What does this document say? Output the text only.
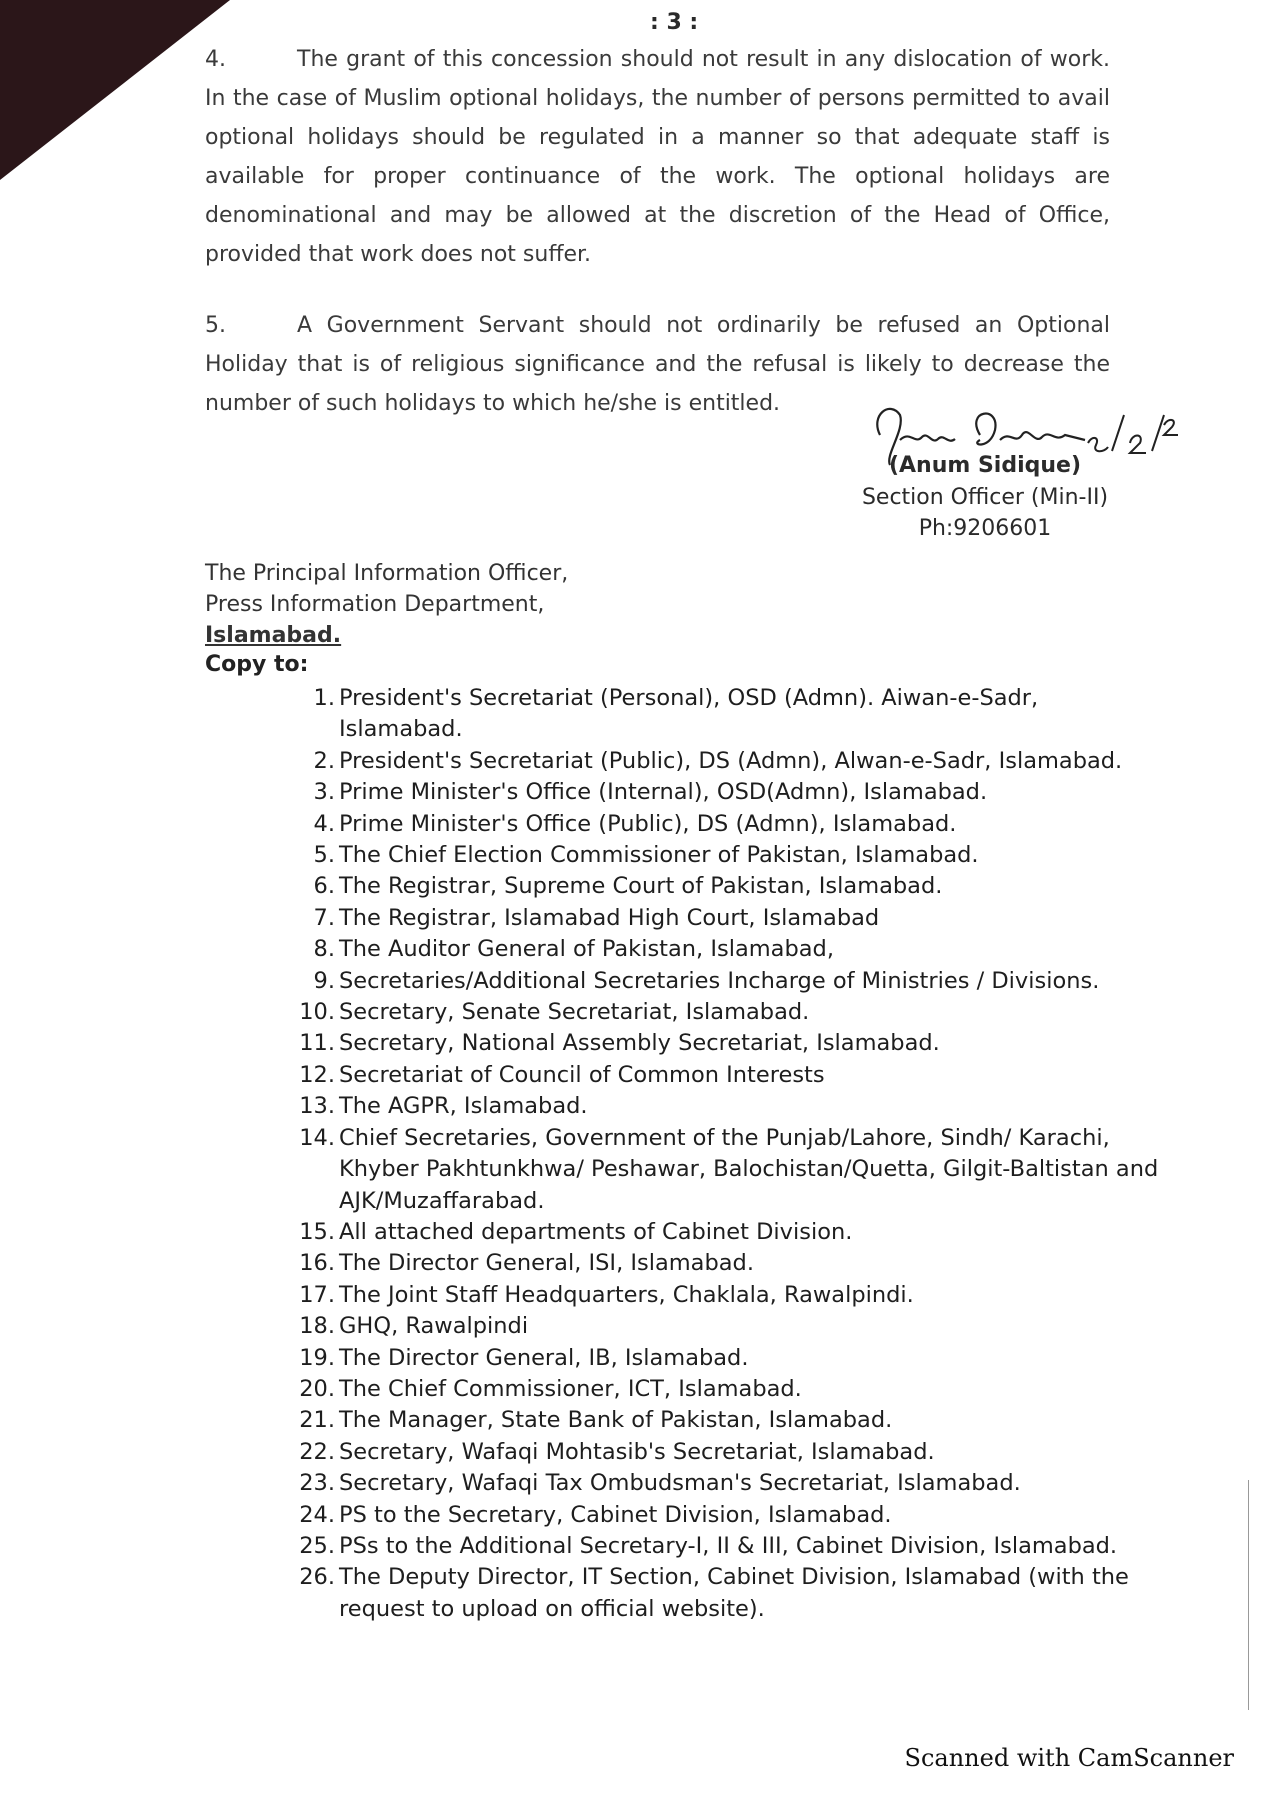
: 3 :

4.	The grant of this concession should not result in any dislocation of work. In the case of Muslim optional holidays, the number of persons permitted to avail optional holidays should be regulated in a manner so that adequate staff is available for proper continuance of the work. The optional holidays are denominational and may be allowed at the discretion of the Head of Office, provided that work does not suffer.

5.	A Government Servant should not ordinarily be refused an Optional Holiday that is of religious significance and the refusal is likely to decrease the number of such holidays to which he/she is entitled.

(Anum Sidique)
Section Officer (Min-II)
Ph:9206601
The Principal Information Officer,
Press Information Department,
Islamabad.
Copy to:
1. President's Secretariat (Personal), OSD (Admn). Aiwan-e-Sadr, Islamabad.
2. President's Secretariat (Public), DS (Admn), Alwan-e-Sadr, Islamabad.
3. Prime Minister's Office (Internal), OSD(Admn), Islamabad.
4. Prime Minister's Office (Public), DS (Admn), Islamabad.
5. The Chief Election Commissioner of Pakistan, Islamabad.
6. The Registrar, Supreme Court of Pakistan, Islamabad.
7. The Registrar, Islamabad High Court, Islamabad
8. The Auditor General of Pakistan, Islamabad,
9. Secretaries/Additional Secretaries Incharge of Ministries / Divisions.
10. Secretary, Senate Secretariat, Islamabad.
11. Secretary, National Assembly Secretariat, Islamabad.
12. Secretariat of Council of Common Interests
13. The AGPR, Islamabad.
14. Chief Secretaries, Government of the Punjab/Lahore, Sindh/ Karachi, Khyber Pakhtunkhwa/ Peshawar, Balochistan/Quetta, Gilgit-Baltistan and AJK/Muzaffarabad.
15. All attached departments of Cabinet Division.
16. The Director General, ISI, Islamabad.
17. The Joint Staff Headquarters, Chaklala, Rawalpindi.
18. GHQ, Rawalpindi
19. The Director General, IB, Islamabad.
20. The Chief Commissioner, ICT, Islamabad.
21. The Manager, State Bank of Pakistan, Islamabad.
22. Secretary, Wafaqi Mohtasib's Secretariat, Islamabad.
23. Secretary, Wafaqi Tax Ombudsman's Secretariat, Islamabad.
24. PS to the Secretary, Cabinet Division, Islamabad.
25. PSs to the Additional Secretary-I, II & III, Cabinet Division, Islamabad.
26. The Deputy Director, IT Section, Cabinet Division, Islamabad (with the request to upload on official website).
Scanned with CamScanner
